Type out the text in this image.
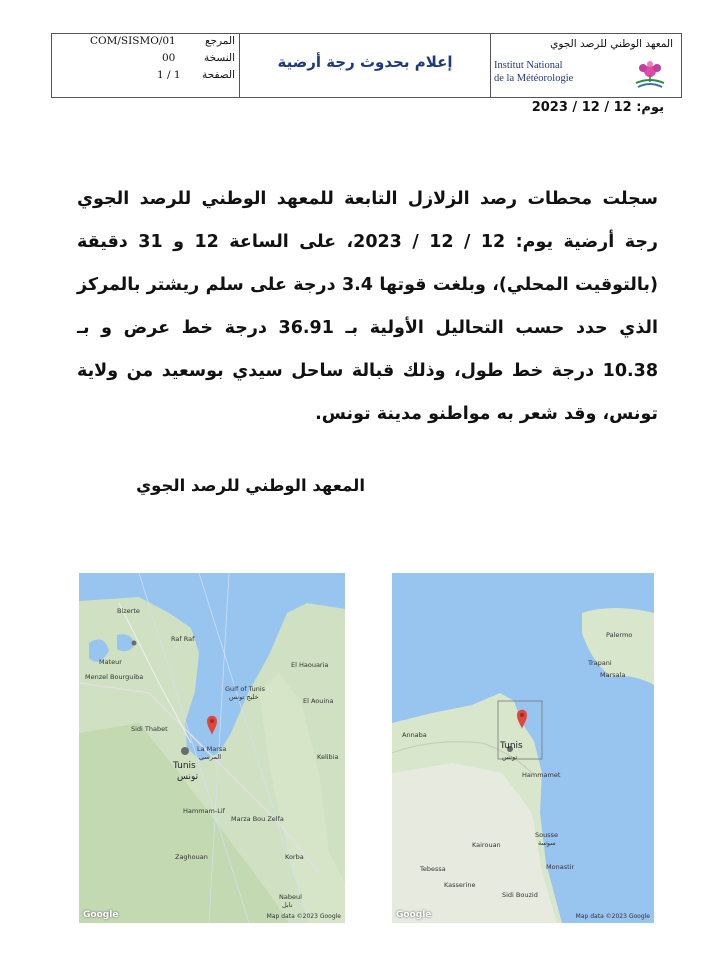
COM/SISMO/01	المرجع
00	النسخة
1 / 1 الصفحة
إعلام بحدوث رجة أرضية
المعهد الوطني للرصد الجوي
Institut National
de la Météorologie
يوم: 12 / 12 / 2023

سجلت محطات رصد الزلازل التابعة للمعهد الوطني للرصد الجوي رجة أرضية يوم: 12 / 12 / 2023، على الساعة 12 و 31 دقيقة (بالتوقيت المحلي)، وبلغت قوتها 3.4 درجة على سلم ريشتر بالمركز الذي حدد حسب التحاليل الأولية بـ 36.91 درجة خط عرض و بـ 10.38 درجة خط طول، وذلك قبالة ساحل سيدي بوسعيد من ولاية تونس، وقد شعر به مواطنو مدينة تونس.

المعهد الوطني للرصد الجوي
Bizerte
Mateur
Menzel Bourguiba
Raf Raf
Sidi Thabet
Gulf of Tunis
خليج تونس
La Marsa
المرسى
Tunis
تونس
El Haouaria
El Aouina
Kelibia
Hammam-Lif
Marza Bou Zelfa
Zaghouan	Korba
Nabeul
نابل
Google	Map data ©2023 Google
Palermo
Trapani
Marsala
Annaba
Tunis
تونس
Hammamet
Sousse
سوسة
Monastir
Kairouan
Tebessa
Kasserine
Sidi Bouzid
Google	Map data ©2023 Google
